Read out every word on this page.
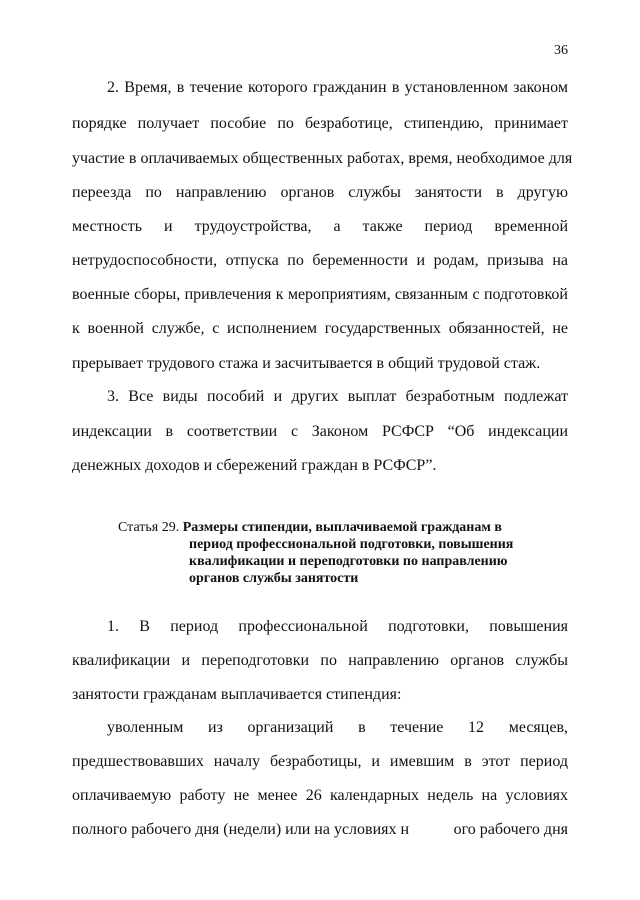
36
2. Время, в течение которого гражданин в установленном законом
порядке получает пособие по безработице, стипендию, принимает
участие в оплачиваемых общественных работах, время, необходимое для
переезда по направлению органов службы занятости в другую
местность и трудоустройства, а также период временной
нетрудоспособности, отпуска по беременности и родам, призыва на
военные сборы, привлечения к мероприятиям, связанным с подготовкой
к военной службе, с исполнением государственных обязанностей, не
прерывает трудового стажа и засчитывается в общий трудовой стаж.
3. Все виды пособий и других выплат безработным подлежат
индексации в соответствии с Законом РСФСР “Об индексации
денежных доходов и сбережений граждан в РСФСР”.
Статья 29. Размеры стипендии, выплачиваемой гражданам в
период профессиональной подготовки, повышения
квалификации и переподготовки по направлению
органов службы занятости
1. В период профессиональной подготовки, повышения
квалификации и переподготовки по направлению органов службы
занятости гражданам выплачивается стипендия:
уволенным из организаций в течение 12 месяцев,
предшествовавших началу безработицы, и имевшим в этот период
оплачиваемую работу не менее 26 календарных недель на условиях
полного рабочего дня (недели) или на условиях н	ого рабочего дня
